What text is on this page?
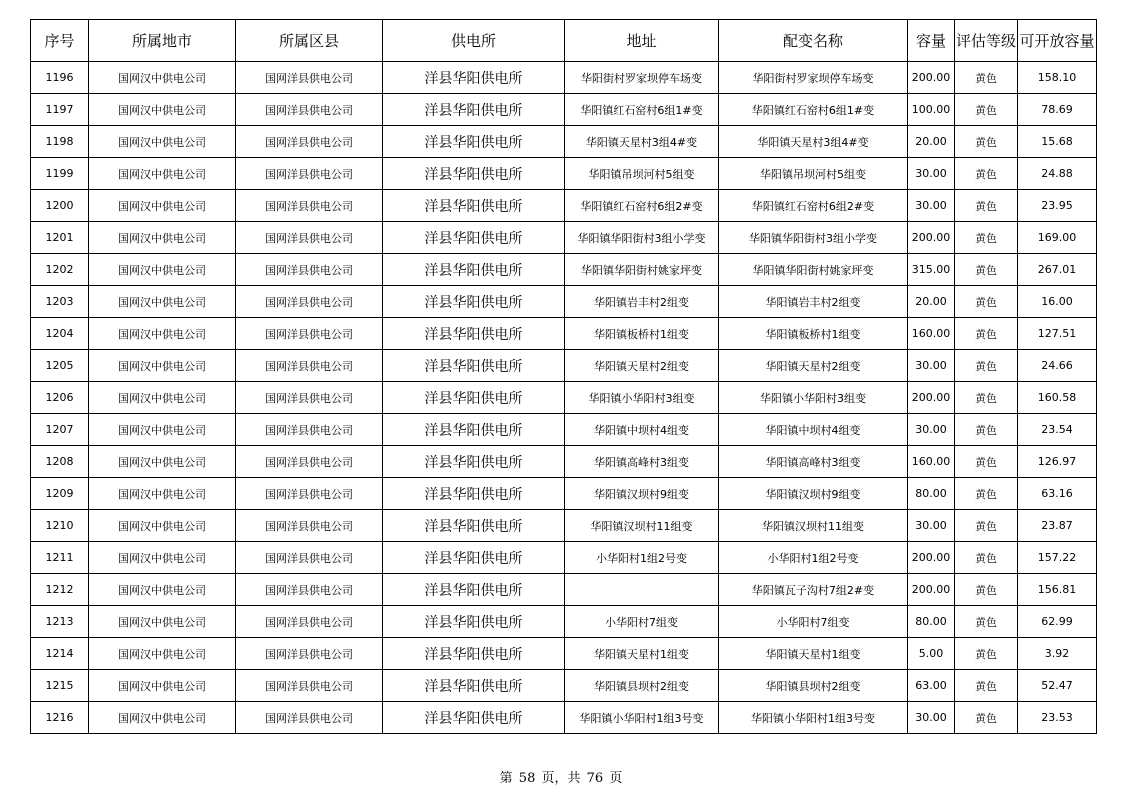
序号	所属地市	所属区县	供电所	地址	配变名称	容量	评估等级	可开放容量
1196	国网汉中供电公司	国网洋县供电公司	洋县华阳供电所	华阳街村罗家坝停车场变	华阳街村罗家坝停车场变	200.00	黄色	158.10
1197	国网汉中供电公司	国网洋县供电公司	洋县华阳供电所	华阳镇红石窑村6组1#变	华阳镇红石窑村6组1#变	100.00	黄色	78.69
1198	国网汉中供电公司	国网洋县供电公司	洋县华阳供电所	华阳镇天星村3组4#变	华阳镇天星村3组4#变	20.00	黄色	15.68
1199	国网汉中供电公司	国网洋县供电公司	洋县华阳供电所	华阳镇吊坝河村5组变	华阳镇吊坝河村5组变	30.00	黄色	24.88
1200	国网汉中供电公司	国网洋县供电公司	洋县华阳供电所	华阳镇红石窑村6组2#变	华阳镇红石窑村6组2#变	30.00	黄色	23.95
1201	国网汉中供电公司	国网洋县供电公司	洋县华阳供电所	华阳镇华阳街村3组小学变	华阳镇华阳街村3组小学变	200.00	黄色	169.00
1202	国网汉中供电公司	国网洋县供电公司	洋县华阳供电所	华阳镇华阳街村姚家坪变	华阳镇华阳街村姚家坪变	315.00	黄色	267.01
1203	国网汉中供电公司	国网洋县供电公司	洋县华阳供电所	华阳镇岩丰村2组变	华阳镇岩丰村2组变	20.00	黄色	16.00
1204	国网汉中供电公司	国网洋县供电公司	洋县华阳供电所	华阳镇板桥村1组变	华阳镇板桥村1组变	160.00	黄色	127.51
1205	国网汉中供电公司	国网洋县供电公司	洋县华阳供电所	华阳镇天星村2组变	华阳镇天星村2组变	30.00	黄色	24.66
1206	国网汉中供电公司	国网洋县供电公司	洋县华阳供电所	华阳镇小华阳村3组变	华阳镇小华阳村3组变	200.00	黄色	160.58
1207	国网汉中供电公司	国网洋县供电公司	洋县华阳供电所	华阳镇中坝村4组变	华阳镇中坝村4组变	30.00	黄色	23.54
1208	国网汉中供电公司	国网洋县供电公司	洋县华阳供电所	华阳镇高峰村3组变	华阳镇高峰村3组变	160.00	黄色	126.97
1209	国网汉中供电公司	国网洋县供电公司	洋县华阳供电所	华阳镇汉坝村9组变	华阳镇汉坝村9组变	80.00	黄色	63.16
1210	国网汉中供电公司	国网洋县供电公司	洋县华阳供电所	华阳镇汉坝村11组变	华阳镇汉坝村11组变	30.00	黄色	23.87
1211	国网汉中供电公司	国网洋县供电公司	洋县华阳供电所	小华阳村1组2号变	小华阳村1组2号变	200.00	黄色	157.22
1212	国网汉中供电公司	国网洋县供电公司	洋县华阳供电所		华阳镇瓦子沟村7组2#变	200.00	黄色	156.81
1213	国网汉中供电公司	国网洋县供电公司	洋县华阳供电所	小华阳村7组变	小华阳村7组变	80.00	黄色	62.99
1214	国网汉中供电公司	国网洋县供电公司	洋县华阳供电所	华阳镇天星村1组变	华阳镇天星村1组变	5.00	黄色	3.92
1215	国网汉中供电公司	国网洋县供电公司	洋县华阳供电所	华阳镇县坝村2组变	华阳镇县坝村2组变	63.00	黄色	52.47
1216	国网汉中供电公司	国网洋县供电公司	洋县华阳供电所	华阳镇小华阳村1组3号变	华阳镇小华阳村1组3号变	30.00	黄色	23.53
第 58 页，共 76 页
